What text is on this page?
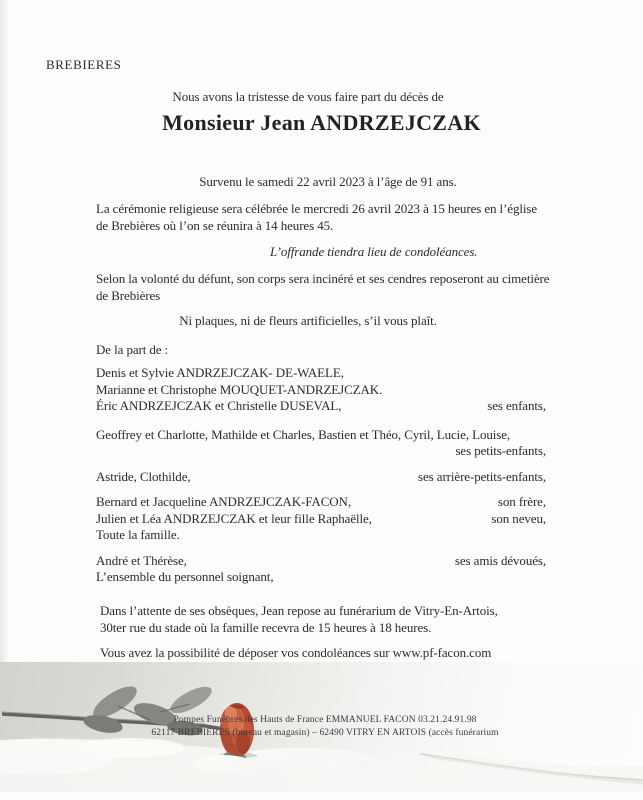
BREBIERES
Nous avons la tristesse de vous faire part du décès de
Monsieur Jean ANDRZEJCZAK
Survenu le samedi 22 avril 2023 à l’âge de 91 ans.
La cérémonie religieuse sera célébrée le mercredi 26 avril 2023 à 15 heures en l’église
de Brebières où l’on se réunira à 14 heures 45.
L’offrande tiendra lieu de condoléances.
Selon la volonté du défunt, son corps sera incinéré et ses cendres reposeront au cimetière
de Brebières
Ni plaques, ni de fleurs artificielles, s’il vous plaît.
De la part de :
Denis et Sylvie ANDRZEJCZAK- DE-WAELE,
Marianne et Christophe MOUQUET-ANDRZEJCZAK.
Éric ANDRZEJCZAK et Christelle DUSEVAL,	ses enfants,
Geoffrey et Charlotte, Mathilde et Charles, Bastien et Théo, Cyril, Lucie, Louise,
ses petits-enfants,
Astride, Clothilde,	ses arrière-petits-enfants,
Bernard et Jacqueline ANDRZEJCZAK-FACON,	son frère,
Julien et Léa ANDRZEJCZAK et leur fille Raphaëlle,	son neveu,
Toute la famille.
André et Thérèse,	ses amis dévoués,
L’ensemble du personnel soignant,
Dans l’attente de ses obsèques, Jean repose au funérarium de Vitry-En-Artois,
30ter rue du stade où la famille recevra de 15 heures à 18 heures.
Vous avez la possibilité de déposer vos condoléances sur www.pf-facon.com
Pompes Funèbres des Hauts de France EMMANUEL FACON 03.21.24.91.98
62117 BREBIERES (bureau et magasin) – 62490 VITRY EN ARTOIS (accès funérarium
